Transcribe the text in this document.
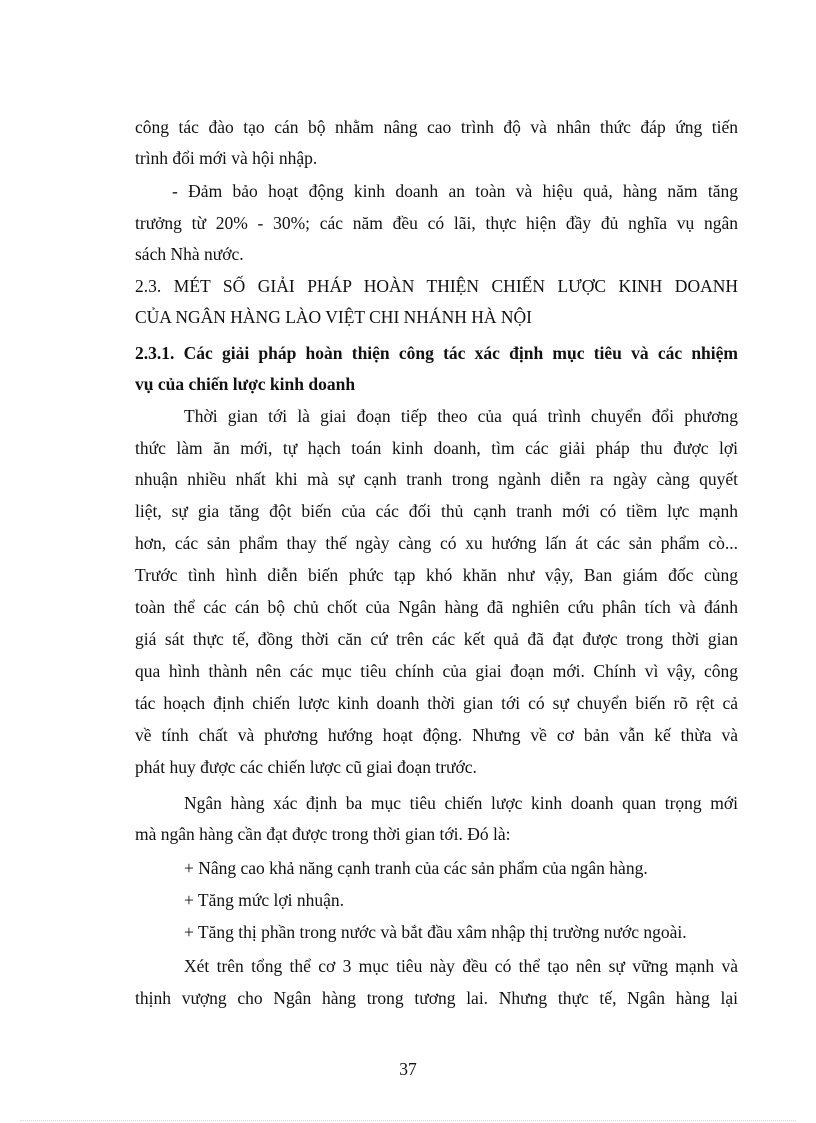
công tác đào tạo cán bộ nhằm nâng cao trình độ và nhân thức đáp ứng tiến
trình đổi mới và hội nhập.
- Đảm bảo hoạt động kinh doanh an toàn và hiệu quả, hàng năm tăng
trưởng từ 20% - 30%; các năm đều có lãi, thực hiện đầy đủ nghĩa vụ ngân
sách Nhà nước.
2.3. MÉT SỐ GIẢI PHÁP HOÀN THIỆN CHIẾN LƯỢC KINH DOANH
CỦA NGÂN HÀNG LÀO VIỆT CHI NHÁNH HÀ NỘI
2.3.1. Các giải pháp hoàn thiện công tác xác định mục tiêu và các nhiệm
vụ của chiến lược kinh doanh
Thời gian tới là giai đoạn tiếp theo của quá trình chuyển đổi phương
thức làm ăn mới, tự hạch toán kinh doanh, tìm các giải pháp thu được lợi
nhuận nhiều nhất khi mà sự cạnh tranh trong ngành diễn ra ngày càng quyết
liệt, sự gia tăng đột biến của các đối thủ cạnh tranh mới có tiềm lực mạnh
hơn, các sản phẩm thay thế ngày càng có xu hướng lấn át các sản phẩm cò...
Trước tình hình diễn biến phức tạp khó khăn như vậy, Ban giám đốc cùng
toàn thể các cán bộ chủ chốt của Ngân hàng đã nghiên cứu phân tích và đánh
giá sát thực tế, đồng thời căn cứ trên các kết quả đã đạt được trong thời gian
qua hình thành nên các mục tiêu chính của giai đoạn mới. Chính vì vậy, công
tác hoạch định chiến lược kinh doanh thời gian tới có sự chuyển biến rõ rệt cả
về tính chất và phương hướng hoạt động. Nhưng về cơ bản vẫn kế thừa và
phát huy được các chiến lược cũ giai đoạn trước.
Ngân hàng xác định ba mục tiêu chiến lược kinh doanh quan trọng mới
mà ngân hàng cần đạt được trong thời gian tới. Đó là:
+ Nâng cao khả năng cạnh tranh của các sản phẩm của ngân hàng.
+ Tăng mức lợi nhuận.
+ Tăng thị phần trong nước và bắt đầu xâm nhập thị trường nước ngoài.
Xét trên tổng thể cơ 3 mục tiêu này đều có thể tạo nên sự vững mạnh và
thịnh vượng cho Ngân hàng trong tương lai. Nhưng thực tế, Ngân hàng lại
37
